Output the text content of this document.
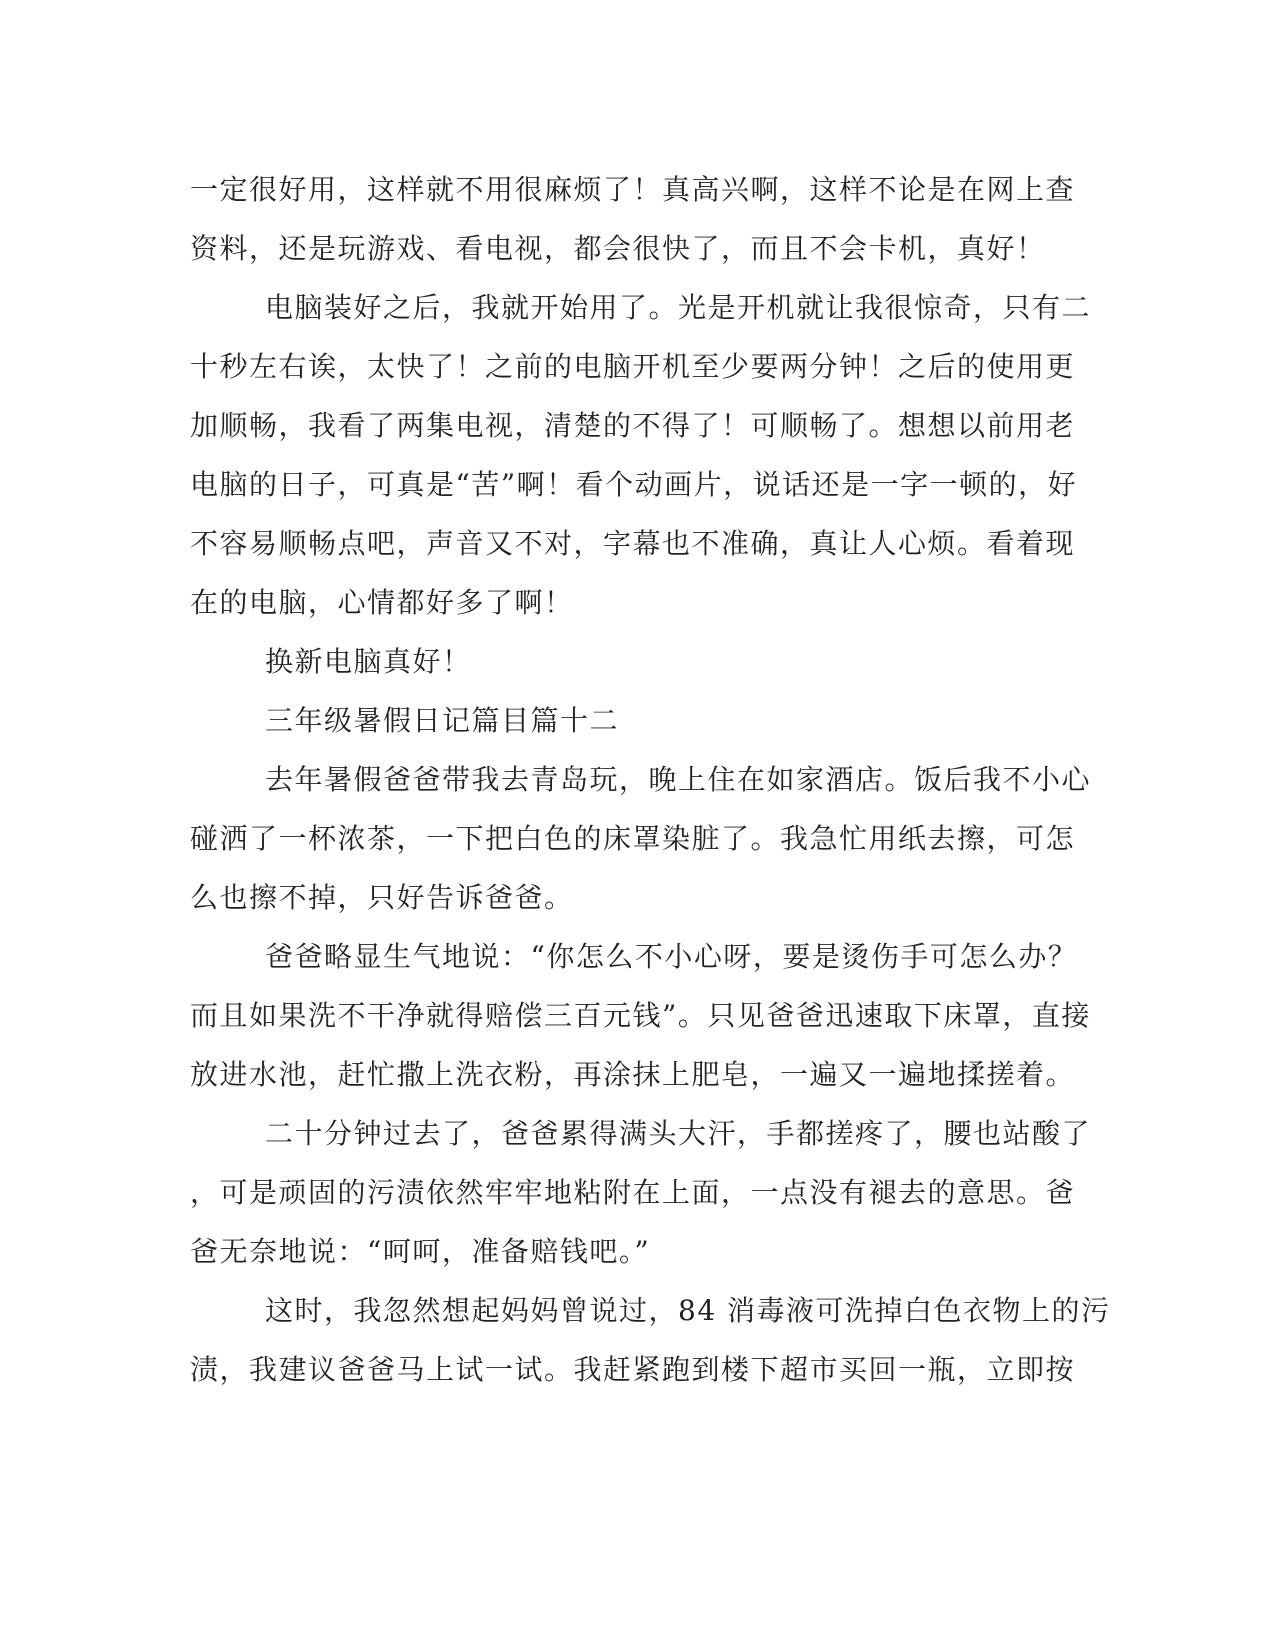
一定很好用，这样就不用很麻烦了！真高兴啊，这样不论是在网上查
资料，还是玩游戏、看电视，都会很快了，而且不会卡机，真好！
电脑装好之后，我就开始用了。光是开机就让我很惊奇，只有二
十秒左右诶，太快了！之前的电脑开机至少要两分钟！之后的使用更
加顺畅，我看了两集电视，清楚的不得了！可顺畅了。想想以前用老
电脑的日子，可真是“苦”啊！看个动画片，说话还是一字一顿的，好
不容易顺畅点吧，声音又不对，字幕也不准确，真让人心烦。看着现
在的电脑，心情都好多了啊！
换新电脑真好！
三年级暑假日记篇目篇十二
去年暑假爸爸带我去青岛玩，晚上住在如家酒店。饭后我不小心
碰洒了一杯浓茶，一下把白色的床罩染脏了。我急忙用纸去擦，可怎
么也擦不掉，只好告诉爸爸。
爸爸略显生气地说：“你怎么不小心呀，要是烫伤手可怎么办？
而且如果洗不干净就得赔偿三百元钱”。只见爸爸迅速取下床罩，直接
放进水池，赶忙撒上洗衣粉，再涂抹上肥皂，一遍又一遍地揉搓着。
二十分钟过去了，爸爸累得满头大汗，手都搓疼了，腰也站酸了
，可是顽固的污渍依然牢牢地粘附在上面，一点没有褪去的意思。爸
爸无奈地说：“呵呵，准备赔钱吧。”
这时，我忽然想起妈妈曾说过，84 消毒液可洗掉白色衣物上的污
渍，我建议爸爸马上试一试。我赶紧跑到楼下超市买回一瓶，立即按
